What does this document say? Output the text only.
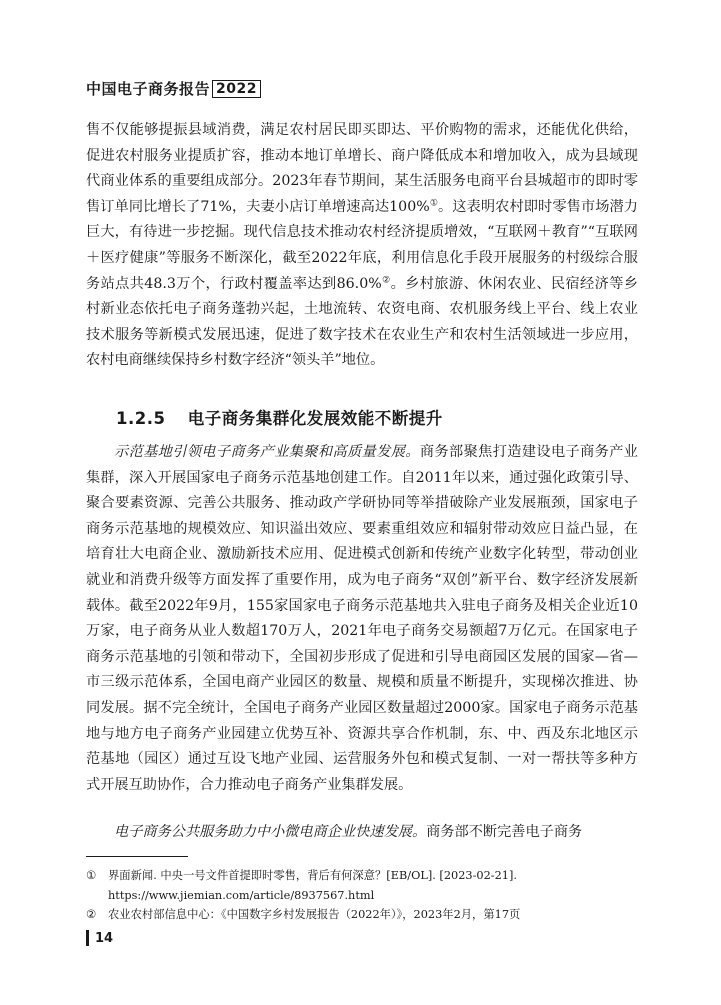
中国电子商务报告 2022

售不仅能够提振县域消费，满足农村居民即买即达、平价购物的需求，还能优化供给，促进农村服务业提质扩容，推动本地订单增长、商户降低成本和增加收入，成为县域现代商业体系的重要组成部分。2023年春节期间，某生活服务电商平台县城超市的即时零售订单同比增长了71%，夫妻小店订单增速高达100%①。这表明农村即时零售市场潜力巨大，有待进一步挖掘。现代信息技术推动农村经济提质增效，“互联网＋教育”“互联网＋医疗健康”等服务不断深化，截至2022年底，利用信息化手段开展服务的村级综合服务站点共48.3万个，行政村覆盖率达到86.0%②。乡村旅游、休闲农业、民宿经济等乡村新业态依托电子商务蓬勃兴起，土地流转、农资电商、农机服务线上平台、线上农业技术服务等新模式发展迅速，促进了数字技术在农业生产和农村生活领域进一步应用，农村电商继续保持乡村数字经济“领头羊”地位。

1.2.5 电子商务集群化发展效能不断提升

示范基地引领电子商务产业集聚和高质量发展。商务部聚焦打造建设电子商务产业集群，深入开展国家电子商务示范基地创建工作。自2011年以来，通过强化政策引导、聚合要素资源、完善公共服务、推动政产学研协同等举措破除产业发展瓶颈，国家电子商务示范基地的规模效应、知识溢出效应、要素重组效应和辐射带动效应日益凸显，在培育壮大电商企业、激励新技术应用、促进模式创新和传统产业数字化转型，带动创业就业和消费升级等方面发挥了重要作用，成为电子商务“双创”新平台、数字经济发展新载体。截至2022年9月，155家国家电子商务示范基地共入驻电子商务及相关企业近10万家，电子商务从业人数超170万人，2021年电子商务交易额超7万亿元。在国家电子商务示范基地的引领和带动下，全国初步形成了促进和引导电商园区发展的国家—省—市三级示范体系，全国电商产业园区的数量、规模和质量不断提升，实现梯次推进、协同发展。据不完全统计，全国电子商务产业园区数量超过2000家。国家电子商务示范基地与地方电子商务产业园建立优势互补、资源共享合作机制，东、中、西及东北地区示范基地（园区）通过互设飞地产业园、运营服务外包和模式复制、一对一帮扶等多种方式开展互助协作，合力推动电子商务产业集群发展。

电子商务公共服务助力中小微电商企业快速发展。商务部不断完善电子商务

①	界面新闻. 中央一号文件首提即时零售，背后有何深意？[EB/OL]. [2023-02-21].
https://www.jiemian.com/article/8937567.html
②	农业农村部信息中心：《中国数字乡村发展报告（2022年）》，2023年2月，第17页
14
